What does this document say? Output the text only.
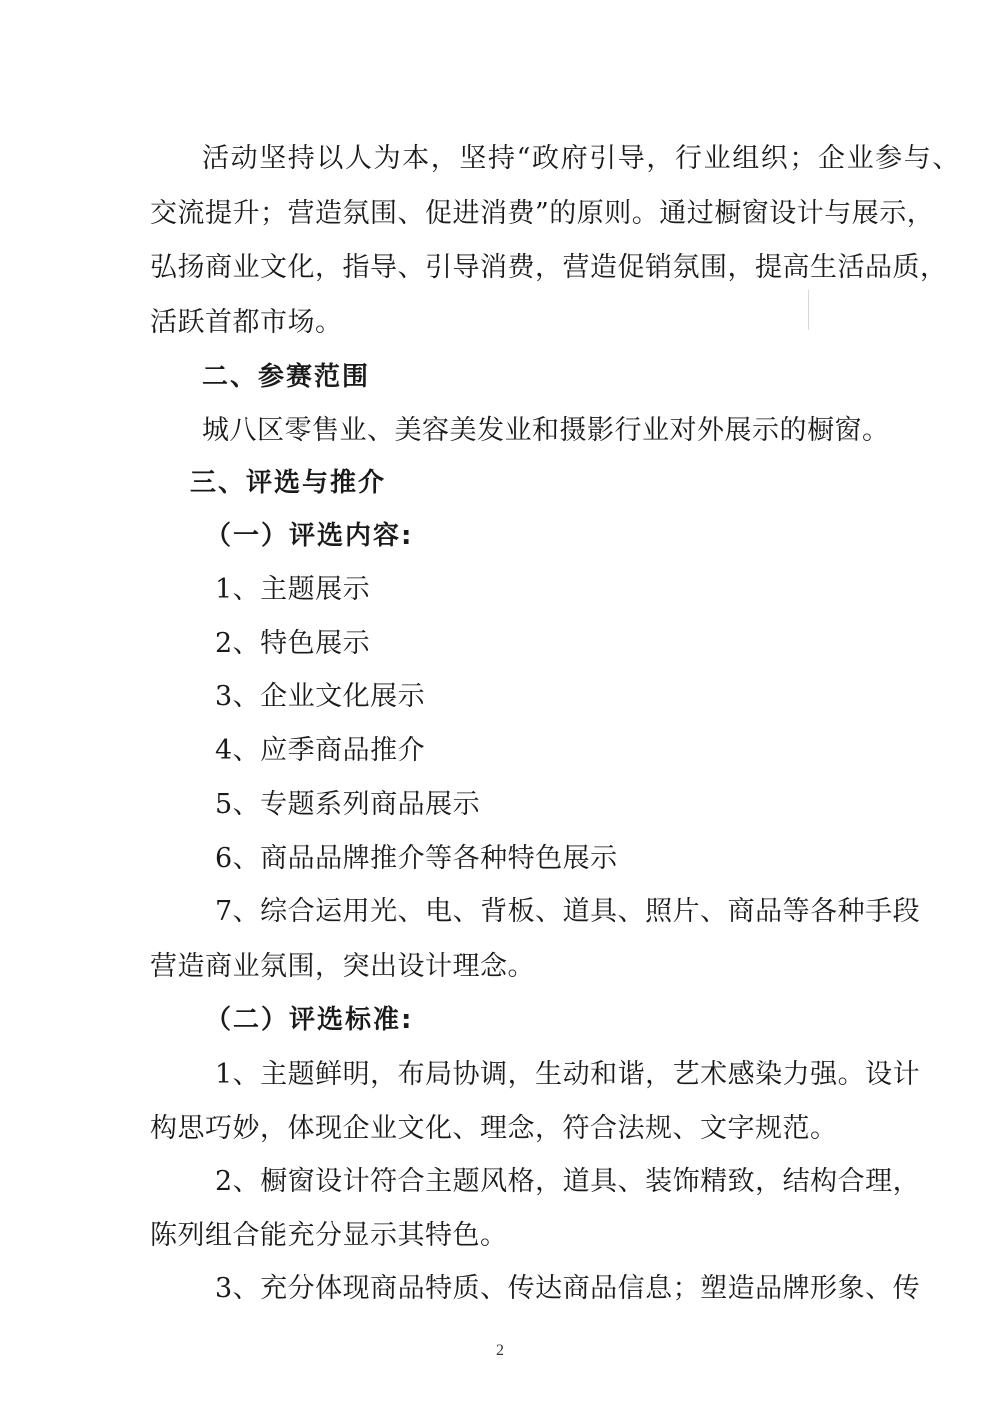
活动坚持以人为本，坚持“政府引导，行业组织；企业参与、
交流提升；营造氛围、促进消费”的原则。通过橱窗设计与展示，
弘扬商业文化，指导、引导消费，营造促销氛围，提高生活品质，
活跃首都市场。
二、参赛范围
城八区零售业、美容美发业和摄影行业对外展示的橱窗。
三、评选与推介
（一）评选内容:
1、主题展示
2、特色展示
3、企业文化展示
4、应季商品推介
5、专题系列商品展示
6、商品品牌推介等各种特色展示
7、综合运用光、电、背板、道具、照片、商品等各种手段
营造商业氛围，突出设计理念。
（二）评选标准:
1、主题鲜明，布局协调，生动和谐，艺术感染力强。设计
构思巧妙，体现企业文化、理念，符合法规、文字规范。
2、橱窗设计符合主题风格，道具、装饰精致，结构合理，
陈列组合能充分显示其特色。
3、充分体现商品特质、传达商品信息；塑造品牌形象、传
2
